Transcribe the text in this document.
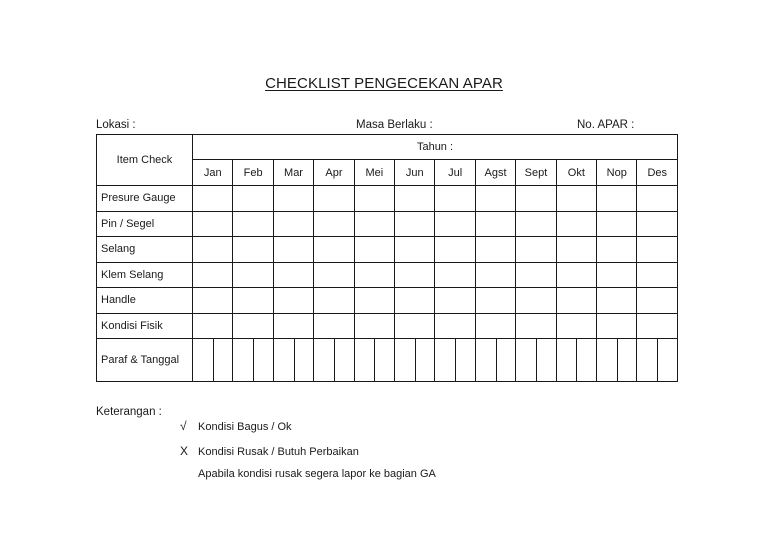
CHECKLIST PENGECEKAN APAR
Lokasi :	Masa Berlaku :	No. APAR :
Item Check	Tahun :											
	Jan	Feb	Mar	Apr	Mei	Jun	Jul	Agst	Sept	Okt	Nop	Des
Presure Gauge												
Pin / Segel												
Selang												
Klem Selang												
Handle												
Kondisi Fisik												
Paraf & Tanggal	

Keterangan :
√ Kondisi Bagus / Ok
X Kondisi Rusak / Butuh Perbaikan
Apabila kondisi rusak segera lapor ke bagian GA
